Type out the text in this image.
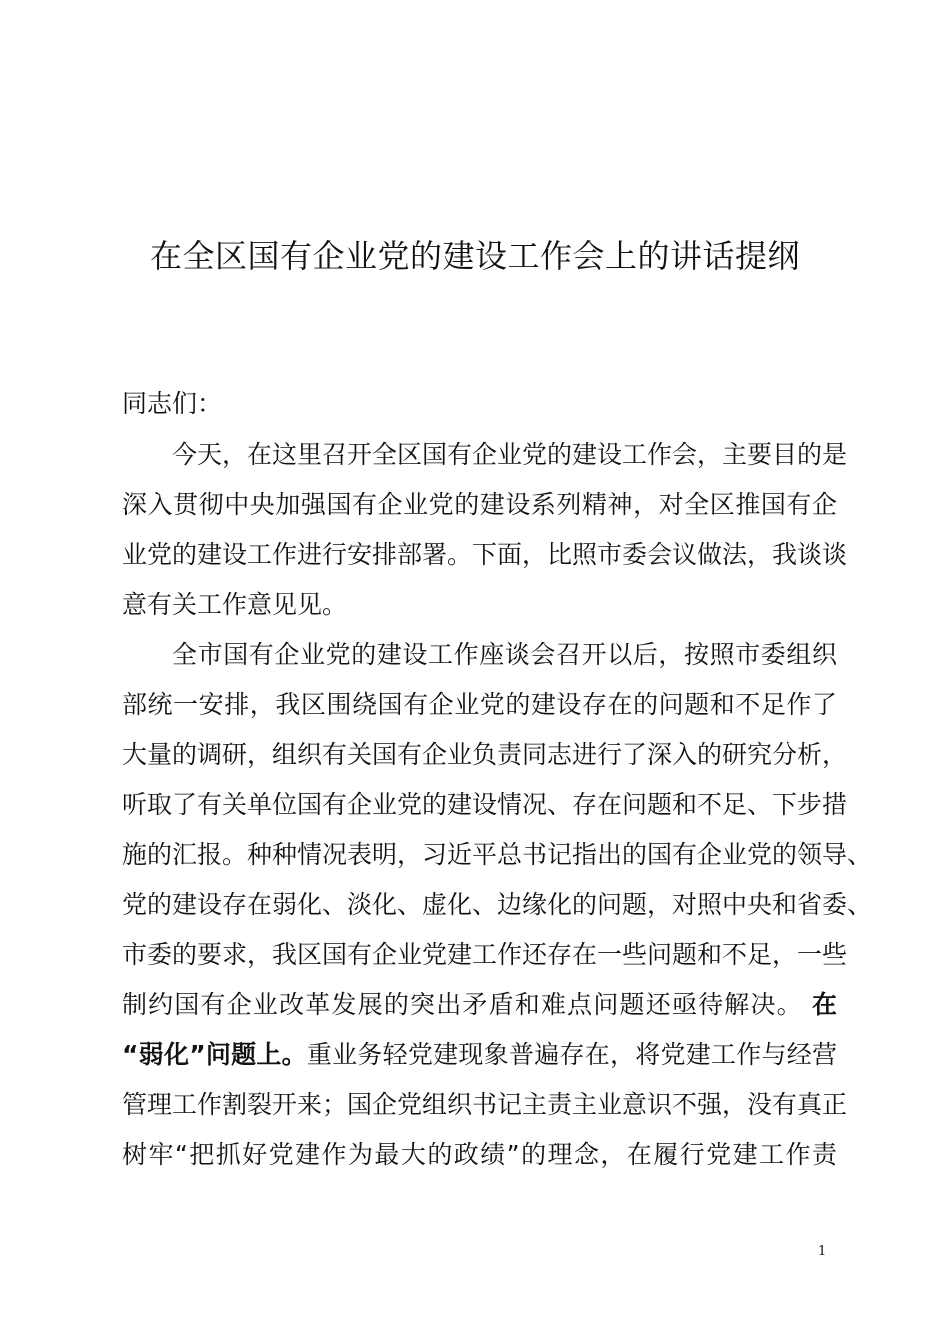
在全区国有企业党的建设工作会上的讲话提纲
同志们：
今天，在这里召开全区国有企业党的建设工作会，主要目的是
深入贯彻中央加强国有企业党的建设系列精神，对全区推国有企
业党的建设工作进行安排部署。下面，比照市委会议做法，我谈谈
意有关工作意见见。
全市国有企业党的建设工作座谈会召开以后，按照市委组织
部统一安排，我区围绕国有企业党的建设存在的问题和不足作了
大量的调研，组织有关国有企业负责同志进行了深入的研究分析，
听取了有关单位国有企业党的建设情况、存在问题和不足、下步措
施的汇报。种种情况表明，习近平总书记指出的国有企业党的领导、
党的建设存在弱化、淡化、虚化、边缘化的问题，对照中央和省委、
市委的要求，我区国有企业党建工作还存在一些问题和不足，一些
制约国有企业改革发展的突出矛盾和难点问题还亟待解决。 在
“弱化”问题上。重业务轻党建现象普遍存在，将党建工作与经营
管理工作割裂开来；国企党组织书记主责主业意识不强，没有真正
树牢“把抓好党建作为最大的政绩”的理念，在履行党建工作责
1
